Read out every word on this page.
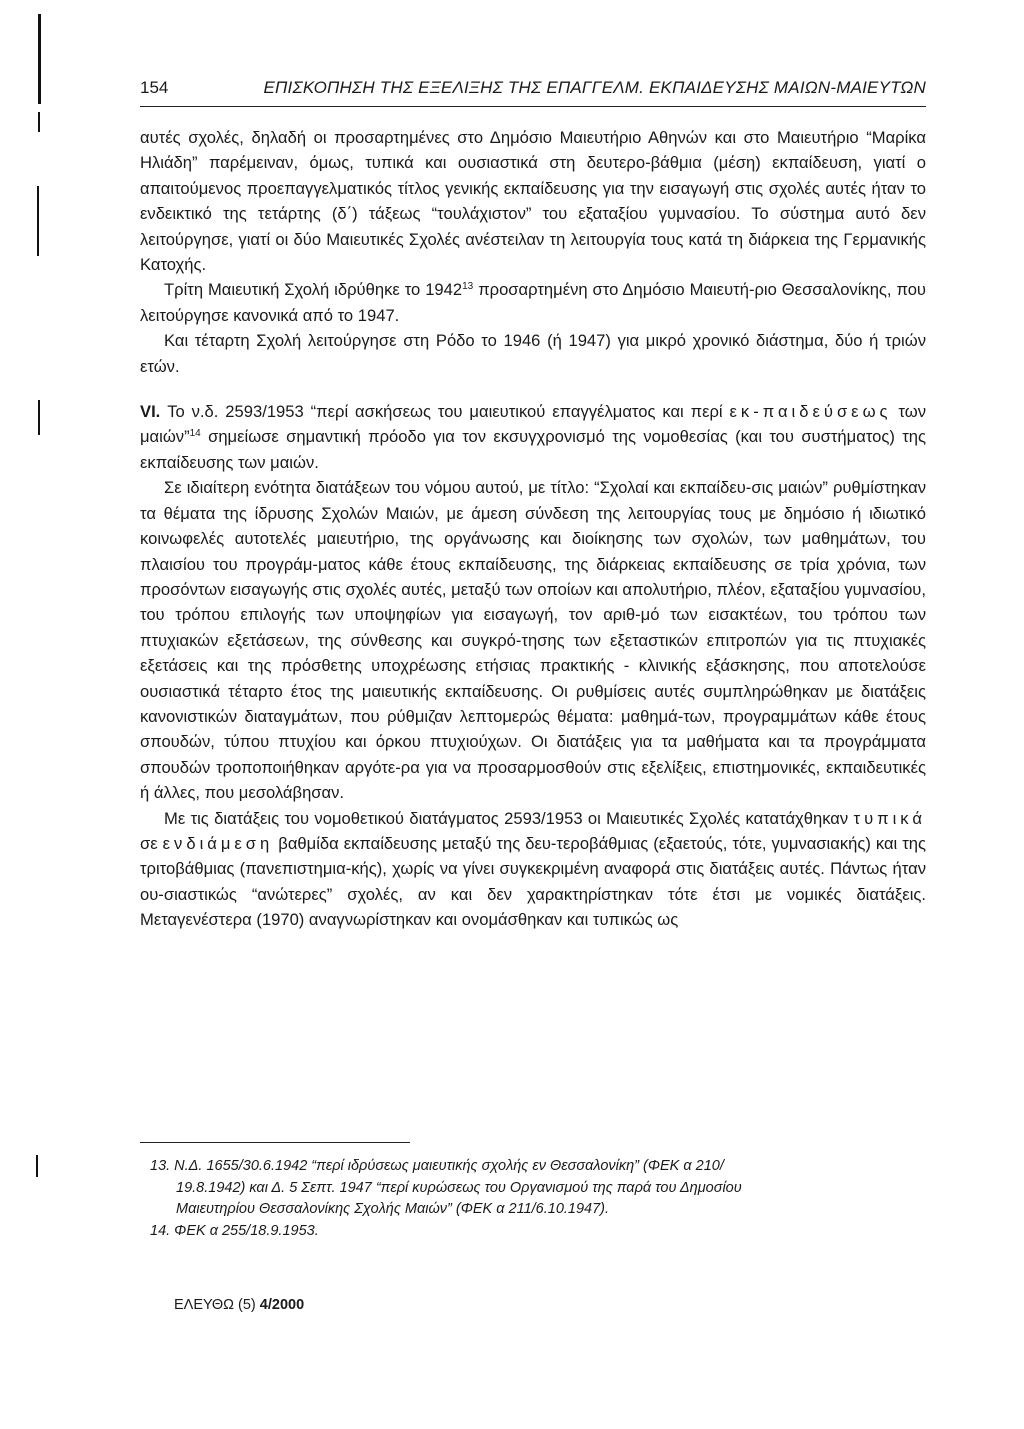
154	ΕΠΙΣΚΟΠΗΣΗ ΤΗΣ ΕΞΕΛΙΞΗΣ ΤΗΣ ΕΠΑΓΓΕΛΜ. ΕΚΠΑΙΔΕΥΣΗΣ ΜΑΙΩΝ-ΜΑΙΕΥΤΩΝ

αυτές σχολές, δηλαδή οι προσαρτημένες στο Δημόσιο Μαιευτήριο Αθηνών και στο Μαιευτήριο “Μαρίκα Ηλιάδη” παρέμειναν, όμως, τυπικά και ουσιαστικά στη δευτερο-βάθμια (μέση) εκπαίδευση, γιατί ο απαιτούμενος προεπαγγελματικός τίτλος γενικής εκπαίδευσης για την εισαγωγή στις σχολές αυτές ήταν το ενδεικτικό της τετάρτης (δ΄) τάξεως “τουλάχιστον” του εξαταξίου γυμνασίου. Το σύστημα αυτό δεν λειτούργησε, γιατί οι δύο Μαιευτικές Σχολές ανέστειλαν τη λειτουργία τους κατά τη διάρκεια της Γερμανικής Κατοχής.

Τρίτη Μαιευτική Σχολή ιδρύθηκε το 1942$^{13}$ προσαρτημένη στο Δημόσιο Μαιευτή-ριο Θεσσαλονίκης, που λειτούργησε κανονικά από το 1947.

Και τέταρτη Σχολή λειτούργησε στη Ρόδο το 1946 (ή 1947) για μικρό χρονικό διάστημα, δύο ή τριών ετών.

VI. Το ν.δ. 2593/1953 “περί ασκήσεως του μαιευτικού επαγγέλματος και περί εκ-παιδεύσεως των μαιών”$^{14}$ σημείωσε σημαντική πρόοδο για τον εκσυγχρονισμό της νομοθεσίας (και του συστήματος) της εκπαίδευσης των μαιών.

Σε ιδιαίτερη ενότητα διατάξεων του νόμου αυτού, με τίτλο: “Σχολαί και εκπαίδευ-σις μαιών” ρυθμίστηκαν τα θέματα της ίδρυσης Σχολών Μαιών, με άμεση σύνδεση της λειτουργίας τους με δημόσιο ή ιδιωτικό κοινωφελές αυτοτελές μαιευτήριο, της οργάνωσης και διοίκησης των σχολών, των μαθημάτων, του πλαισίου του προγράμ-ματος κάθε έτους εκπαίδευσης, της διάρκειας εκπαίδευσης σε τρία χρόνια, των προσόντων εισαγωγής στις σχολές αυτές, μεταξύ των οποίων και απολυτήριο, πλέον, εξαταξίου γυμνασίου, του τρόπου επιλογής των υποψηφίων για εισαγωγή, τον αριθ-μό των εισακτέων, του τρόπου των πτυχιακών εξετάσεων, της σύνθεσης και συγκρό-τησης των εξεταστικών επιτροπών για τις πτυχιακές εξετάσεις και της πρόσθετης υποχρέωσης ετήσιας πρακτικής - κλινικής εξάσκησης, που αποτελούσε ουσιαστικά τέταρτο έτος της μαιευτικής εκπαίδευσης. Οι ρυθμίσεις αυτές συμπληρώθηκαν με διατάξεις κανονιστικών διαταγμάτων, που ρύθμιζαν λεπτομερώς θέματα: μαθημά-των, προγραμμάτων κάθε έτους σπουδών, τύπου πτυχίου και όρκου πτυχιούχων. Οι διατάξεις για τα μαθήματα και τα προγράμματα σπουδών τροποποιήθηκαν αργότε-ρα για να προσαρμοσθούν στις εξελίξεις, επιστημονικές, εκπαιδευτικές ή άλλες, που μεσολάβησαν.

Με τις διατάξεις του νομοθετικού διατάγματος 2593/1953 οι Μαιευτικές Σχολές κατατάχθηκαν τυπικά σε ενδιάμεση βαθμίδα εκπαίδευσης μεταξύ της δευ-τεροβάθμιας (εξαετούς, τότε, γυμνασιακής) και της τριτοβάθμιας (πανεπιστημια-κής), χωρίς να γίνει συγκεκριμένη αναφορά στις διατάξεις αυτές. Πάντως ήταν ου-σιαστικώς “ανώτερες” σχολές, αν και δεν χαρακτηρίστηκαν τότε έτσι με νομικές διατάξεις. Μεταγενέστερα (1970) αναγνωρίστηκαν και ονομάσθηκαν και τυπικώς ως

13. Ν.Δ. 1655/30.6.1942 “περί ιδρύσεως μαιευτικής σχολής εν Θεσσαλονίκη” (ΦΕΚ α 210/

19.8.1942) και Δ. 5 Σεπτ. 1947 “περί κυρώσεως του Οργανισμού της παρά του Δημοσίου

Μαιευτηρίου Θεσσαλονίκης Σχολής Μαιών” (ΦΕΚ α 211/6.10.1947).

14. ΦΕΚ α 255/18.9.1953.

ΕΛΕΥΘΩ (5) 4/2000
